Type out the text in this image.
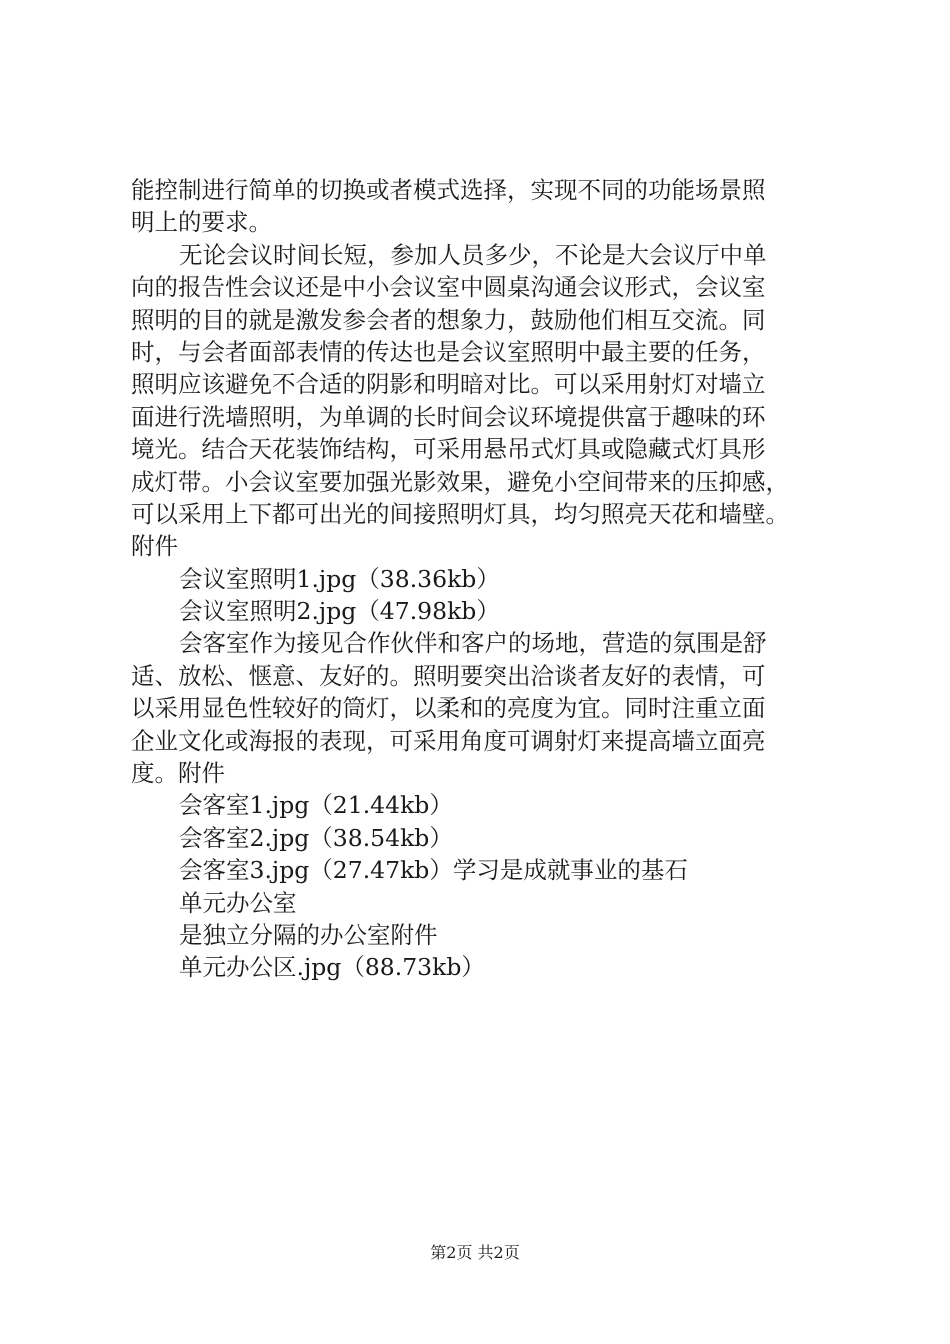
能控制进行简单的切换或者模式选择，实现不同的功能场景照
明上的要求。
无论会议时间长短，参加人员多少，不论是大会议厅中单
向的报告性会议还是中小会议室中圆桌沟通会议形式，会议室
照明的目的就是激发参会者的想象力，鼓励他们相互交流。同
时，与会者面部表情的传达也是会议室照明中最主要的任务，
照明应该避免不合适的阴影和明暗对比。可以采用射灯对墙立
面进行洗墙照明，为单调的长时间会议环境提供富于趣味的环
境光。结合天花装饰结构，可采用悬吊式灯具或隐藏式灯具形
成灯带。小会议室要加强光影效果，避免小空间带来的压抑感，
可以采用上下都可出光的间接照明灯具，均匀照亮天花和墙壁。
附件
会议室照明1.jpg（38.36kb）
会议室照明2.jpg（47.98kb）
会客室作为接见合作伙伴和客户的场地，营造的氛围是舒
适、放松、惬意、友好的。照明要突出洽谈者友好的表情，可
以采用显色性较好的筒灯，以柔和的亮度为宜。同时注重立面
企业文化或海报的表现，可采用角度可调射灯来提高墙立面亮
度。附件
会客室1.jpg（21.44kb）
会客室2.jpg（38.54kb）
会客室3.jpg（27.47kb）学习是成就事业的基石
单元办公室
是独立分隔的办公室附件
单元办公区.jpg（88.73kb）
第2页 共2页
